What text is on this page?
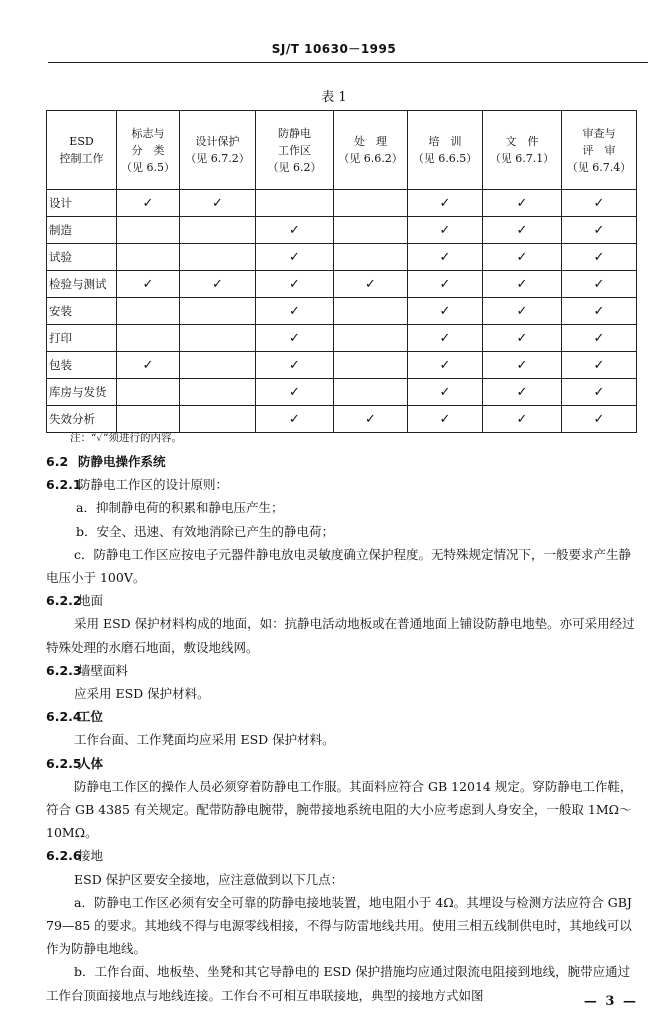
SJ/T 10630－1995
表 1
ESD
控制工作	标志与
分　类
（见 6.5）	设计保护
（见 6.7.2）	防静电
工作区
（见 6.2）	处　理
（见 6.6.2）	培　训
（见 6.6.5）	文　件
（见 6.7.1）	审查与
评　审
（见 6.7.4）

设计	✓	✓			✓	✓	✓
制造			✓		✓	✓	✓
试验			✓		✓	✓	✓
检验与测试	✓	✓	✓	✓	✓	✓	✓
安装			✓		✓	✓	✓
打印			✓		✓	✓	✓
包装	✓		✓		✓	✓	✓
库房与发货			✓		✓	✓	✓
失效分析			✓	✓	✓	✓	✓
注：“✓”须进行的内容。

6.2 防静电操作系统

6.2.1防静电工作区的设计原则：

a．抑制静电荷的积累和静电压产生；

b．安全、迅速、有效地消除已产生的静电荷；

c．防静电工作区应按电子元器件静电放电灵敏度确立保护程度。无特殊规定情况下，一般要求产生静电压小于 100V。

6.2.2地面

采用 ESD 保护材料构成的地面，如：抗静电活动地板或在普通地面上铺设防静电地垫。亦可采用经过特殊处理的水磨石地面，敷设地线网。

6.2.3墙壁面料

应采用 ESD 保护材料。

6.2.4工位

工作台面、工作凳面均应采用 ESD 保护材料。

6.2.5人体

防静电工作区的操作人员必须穿着防静电工作服。其面料应符合 GB 12014 规定。穿防静电工作鞋，符合 GB 4385 有关规定。配带防静电腕带，腕带接地系统电阻的大小应考虑到人身安全，一般取 1MΩ～10MΩ。

6.2.6接地

ESD 保护区要安全接地，应注意做到以下几点：

a．防静电工作区必须有安全可靠的防静电接地装置，地电阻小于 4Ω。其埋设与检测方法应符合 GBJ 79—85 的要求。其地线不得与电源零线相接，不得与防雷地线共用。使用三相五线制供电时，其地线可以作为防静电地线。

b．工作台面、地板垫、坐凳和其它导静电的 ESD 保护措施均应通过限流电阻接到地线，腕带应通过工作台顶面接地点与地线连接。工作台不可相互串联接地，典型的接地方式如图	— 3 —
